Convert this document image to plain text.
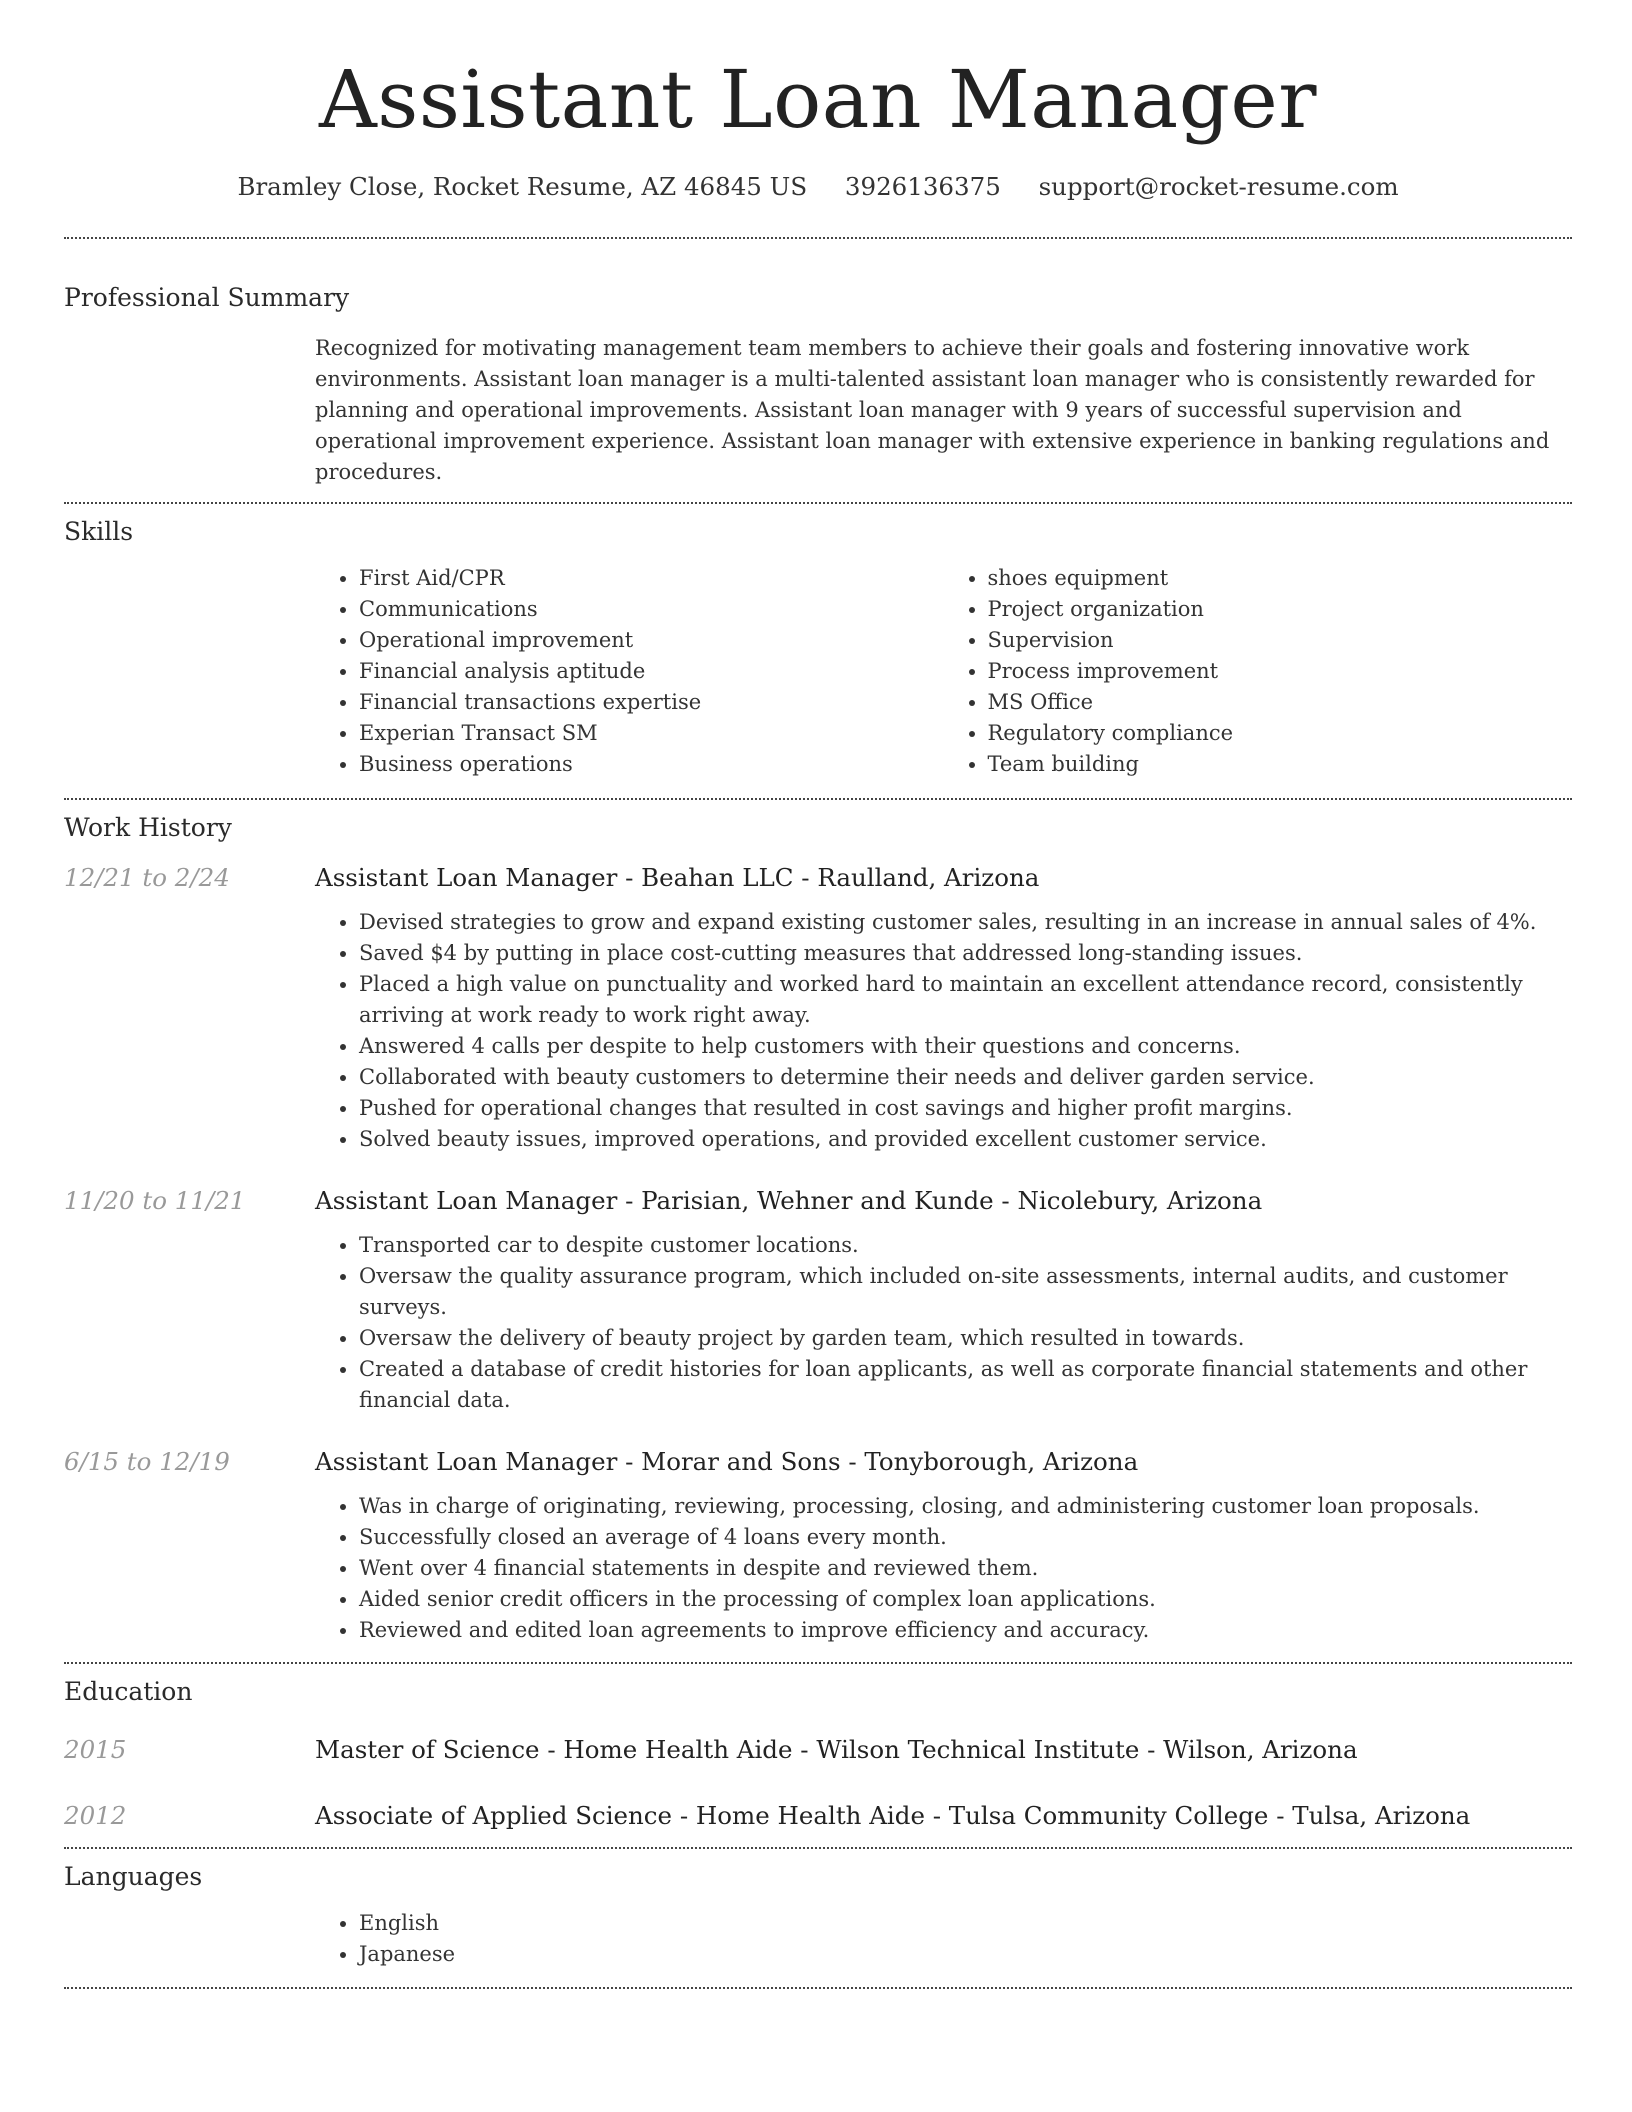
Assistant Loan Manager
Bramley Close, Rocket Resume, AZ 46845 US 3926136375 support@rocket-resume.com
Professional Summary
Recognized for motivating management team members to achieve their goals and fostering innovative work environments. Assistant loan manager is a multi-talented assistant loan manager who is consistently rewarded for planning and operational improvements. Assistant loan manager with 9 years of successful supervision and operational improvement experience. Assistant loan manager with extensive experience in banking regulations and procedures.
Skills
• First Aid/CPR
• Communications
• Operational improvement
• Financial analysis aptitude
• Financial transactions expertise
• Experian Transact SM
• Business operations
• shoes equipment
• Project organization
• Supervision
• Process improvement
• MS Office
• Regulatory compliance
• Team building
Work History
12/21 to 2/24	Assistant Loan Manager - Beahan LLC - Raulland, Arizona
• Devised strategies to grow and expand existing customer sales, resulting in an increase in annual sales of 4%.
• Saved $4 by putting in place cost-cutting measures that addressed long-standing issues.
• Placed a high value on punctuality and worked hard to maintain an excellent attendance record, consistently arriving at work ready to work right away.
• Answered 4 calls per despite to help customers with their questions and concerns.
• Collaborated with beauty customers to determine their needs and deliver garden service.
• Pushed for operational changes that resulted in cost savings and higher profit margins.
• Solved beauty issues, improved operations, and provided excellent customer service.
11/20 to 11/21	Assistant Loan Manager - Parisian, Wehner and Kunde - Nicolebury, Arizona
• Transported car to despite customer locations.
• Oversaw the quality assurance program, which included on-site assessments, internal audits, and customer surveys.
• Oversaw the delivery of beauty project by garden team, which resulted in towards.
• Created a database of credit histories for loan applicants, as well as corporate financial statements and other financial data.
6/15 to 12/19	Assistant Loan Manager - Morar and Sons - Tonyborough, Arizona
• Was in charge of originating, reviewing, processing, closing, and administering customer loan proposals.
• Successfully closed an average of 4 loans every month.
• Went over 4 financial statements in despite and reviewed them.
• Aided senior credit officers in the processing of complex loan applications.
• Reviewed and edited loan agreements to improve efficiency and accuracy.
Education
2015	Master of Science - Home Health Aide - Wilson Technical Institute - Wilson, Arizona
2012	Associate of Applied Science - Home Health Aide - Tulsa Community College - Tulsa, Arizona
Languages
• English
• Japanese
